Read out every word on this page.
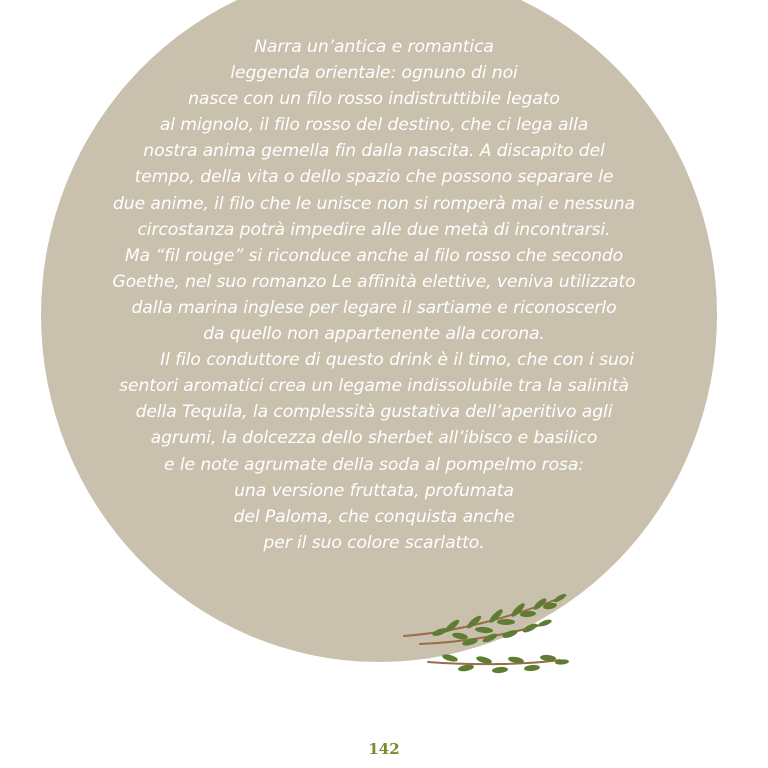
Narra un’antica e romantica
leggenda orientale: ognuno di noi
nasce con un filo rosso indistruttibile legato
al mignolo, il filo rosso del destino, che ci lega alla
nostra anima gemella fin dalla nascita. A discapito del
tempo, della vita o dello spazio che possono separare le
due anime, il filo che le unisce non si romperà mai e nessuna
circostanza potrà impedire alle due metà di incontrarsi.
Ma “fil rouge” si riconduce anche al filo rosso che secondo
Goethe, nel suo romanzo Le affinità elettive, veniva utilizzato
dalla marina inglese per legare il sartiame e riconoscerlo
da quello non appartenente alla corona.
Il filo conduttore di questo drink è il timo, che con i suoi
sentori aromatici crea un legame indissolubile tra la salinità
della Tequila, la complessità gustativa dell’aperitivo agli
agrumi, la dolcezza dello sherbet all’ibisco e basilico
e le note agrumate della soda al pompelmo rosa:
una versione fruttata, profumata
del Paloma, che conquista anche
per il suo colore scarlatto.
142
